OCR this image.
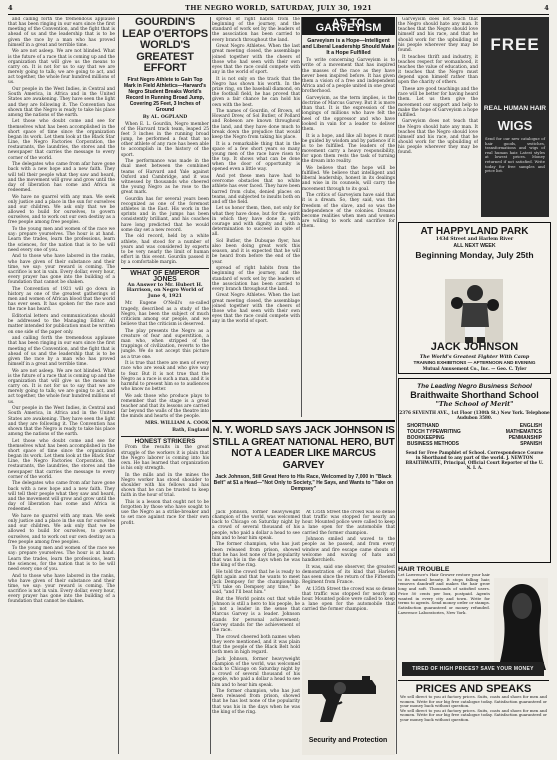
4	THE NEGRO WORLD, SATURDAY, JULY 30, 1921	4

and calling forth the tremendous applause that has been ringing in our ears since the first meeting of the Convention, and the fight that is ahead of us and the leadership that is to be given the race by a man who has proved himself in a great and terrible time.

We are not asleep. We are not blinded. What is the future of a race that is coming up and the organization that will give us the means to carry on. It is not for us to say that we are merely going to talk; we are going to act, and act together, the whole four hundred millions of us.

Our people in the West Indies, in Central and South America, in Africa and in the United States are awakening. They have seen the light and they are following it. The Convention has shown that the Negro is ready to take his place among the nations of the earth.

Let those who doubt come and see for themselves what has been accomplished in the short space of time since the organization began its work. Let them look at the Black Star Line, the Negro Factories Corporation, the restaurants, the laundries, the stores and the newspaper that carries the message to every corner of the world.

The delegates who came from afar have gone back with a new hope and a new faith. They will tell their people what they saw and heard, and the movement will grow and grow until the day of liberation has come and Africa is redeemed.

We have no quarrel with any man. We seek only justice and a place in the sun for ourselves and our children. We ask only that we be allowed to build for ourselves, to govern ourselves, and to work out our own destiny as a free people among free peoples.

To the young men and women of the race we say: prepare yourselves. The hour is at hand. Learn the trades, learn the professions, learn the sciences, for the nation that is to be will need every one of you.

And to those who have labored in the ranks, who have given of their substance and their time, we say: your reward is coming. The sacrifice is not in vain. Every dollar, every hour, every prayer has gone into the building of a foundation that cannot be shaken.

The Convention of 1921 will go down in history as one of the greatest gatherings of men and women of African blood that the world has ever seen. It has spoken for the race and the race has heard.

Editorial letters and communications should be addressed to the Managing Editor. All matter intended for publication must be written on one side of the paper only.

and calling forth the tremendous applause that has been ringing in our ears since the first meeting of the Convention, and the fight that is ahead of us and the leadership that is to be given the race by a man who has proved himself in a great and terrible time.

We are not asleep. We are not blinded. What is the future of a race that is coming up and the organization that will give us the means to carry on. It is not for us to say that we are merely going to talk; we are going to act, and act together, the whole four hundred millions of us.

Our people in the West Indies, in Central and South America, in Africa and in the United States are awakening. They have seen the light and they are following it. The Convention has shown that the Negro is ready to take his place among the nations of the earth.

Let those who doubt come and see for themselves what has been accomplished in the short space of time since the organization began its work. Let them look at the Black Star Line, the Negro Factories Corporation, the restaurants, the laundries, the stores and the newspaper that carries the message to every corner of the world.

The delegates who came from afar have gone back with a new hope and a new faith. They will tell their people what they saw and heard, and the movement will grow and grow until the day of liberation has come and Africa is redeemed.

We have no quarrel with any man. We seek only justice and a place in the sun for ourselves and our children. We ask only that we be allowed to build for ourselves, to govern ourselves, and to work out our own destiny as a free people among free peoples.

To the young men and women of the race we say: prepare yourselves. The hour is at hand. Learn the trades, learn the professions, learn the sciences, for the nation that is to be will need every one of you.

And to those who have labored in the ranks, who have given of their substance and their time, we say: your reward is coming. The sacrifice is not in vain. Every dollar, every hour, every prayer has gone into the building of a foundation that cannot be shaken.

GOURDIN'S LEAP O'ERTOPS WORLD'S GREATEST EFFORT
First Negro Athlete to Gain Top Mark in Field Athletics—Harvard's Negro Student Breaks World's Record in Running Broad Jump, Covering 25 Feet, 3 Inches of Ground
By AL. OGPLAND

When E. L. Gourdin, Negro member of the Harvard track team, leaped 25 feet 3 inches in the running broad jump, he performed a feat that no other athlete of any race has been able to accomplish in the history of the sport.

The performance was made in the dual meet between the combined teams of Harvard and Yale against Oxford and Cambridge, and it was witnessed by thousands who cheered the young Negro as he rose to the great mark.

Gourdin has for several years been recognized as one of the foremost athletes in the East. His work in the sprints and in the jumps has been consistently brilliant, and his coaches have long predicted that he would some day set a new record.

The old record, held by a white athlete, had stood for a number of years and was considered by experts to be very nearly the limit of human effort in this event. Gourdin passed it by a comfortable margin.

WHAT OF EMPEROR JONES
An Answer to Mr. Hubert H. Harrison, on Negro World of June 4, 1921

Mr. Eugene O'Neill's so-called tragedy, described as a study of the Negro, has been the subject of much criticism among our people, and we believe that the criticism is deserved.

The play presents the Negro as a creature of fear and superstition, a man who, when stripped of the trappings of civilization, reverts to the jungle. We do not accept this picture as a true one.

It is true that there are men of every race who are weak and who give way to fear. But it is not true that the Negro as a race is such a man, and it is harmful to present him so to audiences who know no better.

We ask those who produce plays to remember that the stage is a great teacher and that its lessons are carried far beyond the walls of the theatre into the minds and hearts of the people.

MRS. WILLIAM A. COOK
Bath, England
HONEST STRIKERS

From the results in the great struggle of the workers it is plain that the Negro laborer is coming into his own. He has learned that organization is his only strength.

In the mills and in the mines the Negro worker has stood shoulder to shoulder with his fellows and has shown that he can be trusted to keep faith in the hour of trial.

This is a lesson that ought not to be forgotten by those who have sought to use the Negro as a strike-breaker and to set race against race for their own profit.

spread of right habits from the beginning of the journey, and the standard of work set by the leaders of the association has been carried to every branch throughout the land.

Great Negro Athletes. When the last great meeting closed, the assemblage joined together with the cheers of those who had seen with their own eyes that the race could compete with any in the world of sport.

It is not only on the track that the Negro has shown his worth. In the prize ring, on the baseball diamond, on the football field, he has proved that given a fair chance he can hold his own with the best.

The names of Gourdin, of Brown, of Howard Drew, of Sol Butler, of Pollard and Robeson are known throughout the land, and they have done much to break down the prejudice that would keep the Negro from taking his place.

It is a remarkable thing that in the space of a few short years so many young men of the race have risen to the top. It shows what can be done when the door of opportunity is opened even a little way.

And yet these men have had to overcome obstacles that no white athlete has ever faced. They have been barred from clubs, denied places on teams, and subjected to insults both on and off the field.

Let us honor them, then, not only for what they have done, but for the spirit in which they have done it, with courage and with dignity and with a determination to succeed in spite of all.

Sol Butler, the Dubuque flyer, has also been doing great work this season, and it is expected that he will be heard from before the end of the year.

spread of right habits from the beginning of the journey, and the standard of work set by the leaders of the association has been carried to every branch throughout the land.

Great Negro Athletes. When the last great meeting closed, the assemblage joined together with the cheers of those who had seen with their own eyes that the race could compete with any in the world of sport.

AS TO GARVEYISM
Garveyism is a Hope—Intelligent and Liberal Leadership Should Make It a Hope Fulfilled

To write concerning Garveyism is to write of a movement that has inspired the masses of the race as they have never been inspired before. It has given them a vision of a free and independent Africa and of a people united in one great brotherhood.

Garveyism, as the term implies, is the doctrine of Marcus Garvey. But it is more than that. It is the expression of the longings of millions who have felt the heel of the oppressor and who have looked in vain for a leader to deliver them.

It is a hope, and like all hopes it must be guided by wisdom and by patience if it is to be fulfilled. The leaders of the movement carry a heavy responsibility, for upon them rests the task of turning the dream into reality.

We believe that the hope will be fulfilled. We believe that intelligent and liberal leadership, honest in its dealings and wise in its counsels, will carry the movement through to its goal.

The critics of Garveyism have said that it is a dream. So, they said, was the freedom of the slave, and so was the independence of the colonies. Dreams become realities when men and women are willing to work and sacrifice for them.

Garveyism does not teach that the Negro should hate any man. It teaches that the Negro should love himself and his race, and that he should work for the upbuilding of his people wherever they may be found.

It teaches thrift and industry, it teaches respect for womanhood, it teaches the value of education, and it teaches that the Negro must depend upon himself rather than upon the charity of others.

These are good teachings and the race will be better for having heard them. Let us then give the movement our support and help to make the hope of Garveyism a hope fulfilled.

Garveyism does not teach that the Negro should hate any man. It teaches that the Negro should love himself and his race, and that he should work for the upbuilding of his people wherever they may be found.

N. Y. WORLD SAYS JACK JOHNSON IS STILL A GREAT NATIONAL HERO, BUT NOT A LEADER LIKE MARCUS GARVEY
Jack Johnson, Still Great Hero to His Race, Welcomed by 7,000 in "Black Belt" at $1 a Head—"Not Only to Society," He Says, and Wants to "Take on Dempsey"

Jack Johnson, former heavyweight champion of the world, was welcomed back to Chicago on Saturday night by a crowd of several thousand of his people, who paid a dollar a head to see him and to hear him speak.

The former champion, who has just been released from prison, showed that he has lost none of the popularity that was his in the days when he was the king of the ring.

He told the crowd that he is ready to fight again and that he wants to meet Jack Dempsey for the championship. "I'll take on Dempsey any time," he said, "and I'll beat him."

But the World points out that while Johnson is still a hero to his people, he is not a leader in the sense that Marcus Garvey is a leader. Johnson stands for personal achievement; Garvey stands for the achievement of the race.

The crowd cheered both names when they were mentioned, and it was plain that the people of the Black Belt hold both men in high regard.

Jack Johnson, former heavyweight champion of the world, was welcomed back to Chicago on Saturday night by a crowd of several thousand of his people, who paid a dollar a head to see him and to hear him speak.

The former champion, who has just been released from prison, showed that he has lost none of the popularity that was his in the days when he was the king of the ring.

At 135th Street the crowd was so dense that traffic was stopped for nearly an hour. Mounted police were called to keep a lane open for the automobile that carried the former champion.

Johnson smiled and waved to the people as he passed, and from every window and fire escape came shouts of welcome and waving of hats and handkerchiefs.

It was, said one observer, the greatest demonstration of its kind that Harlem has seen since the return of the Fifteenth Regiment from France.

At 135th Street the crowd was so dense that traffic was stopped for nearly an hour. Mounted police were called to keep a lane open for the automobile that carried the former champion.

Security and Protection
FREE
REAL HUMAN HAIR
WIGS
Send for our new catalogue of hair goods, switches, transformations and wigs of real human hair. Latest styles at lowest prices. Money returned if not satisfied. Write today for free samples and price list.
AT HAPPYLAND PARK
143d Street and Harlem River
ALL NEXT WEEK
Beginning Monday, July 25th
JACK JOHNSON
The World's Greatest Fighter With Camp
TRAINING EXHIBITIONS — AFTERNOON AND EVENING
Mutual Amusement Co., Inc. — Geo. C. Tyler
The Leading Negro Business School
Braithwaite Shorthand School
"The School of Merit"
2376 SEVENTH AVE., 1st Floor (130th St.) New York. Telephone Audubon 3580.
SHORTHAND
TOUCH TYPEWRITING
BOOKKEEPING
BUSINESS METHODS
ENGLISH
MATHEMATICS
PENMANSHIP
SPANISH
Send for Free Pamphlet of School. Correspondence Course in Shorthand to any part of the world. J. NEWTON BRAITHWAITE, Principal, Official Court Reporter of the U. N. I. A.
HAIR TROUBLE
Let Lawrence's Hair Grower restore your hair to its natural beauty. It stops falling hair, removes dandruff and makes the hair grow long and soft. Thousands of satisfied users. Price 50 cents per box, postpaid. Agents wanted in every city and town. Write for terms to agents. Send money order or stamps. Satisfaction guaranteed or money refunded. Lawrence Laboratories, New York.
TIRED OF HIGH PRICES? SAVE YOUR MONEY
PRICES AND SPEAKS
We sell direct to you at factory prices. Suits, coats and shoes for men and women. Write for our big free catalogue today. Satisfaction guaranteed or your money back without question.
We sell direct to you at factory prices. Suits, coats and shoes for men and women. Write for our big free catalogue today. Satisfaction guaranteed or your money back without question.
